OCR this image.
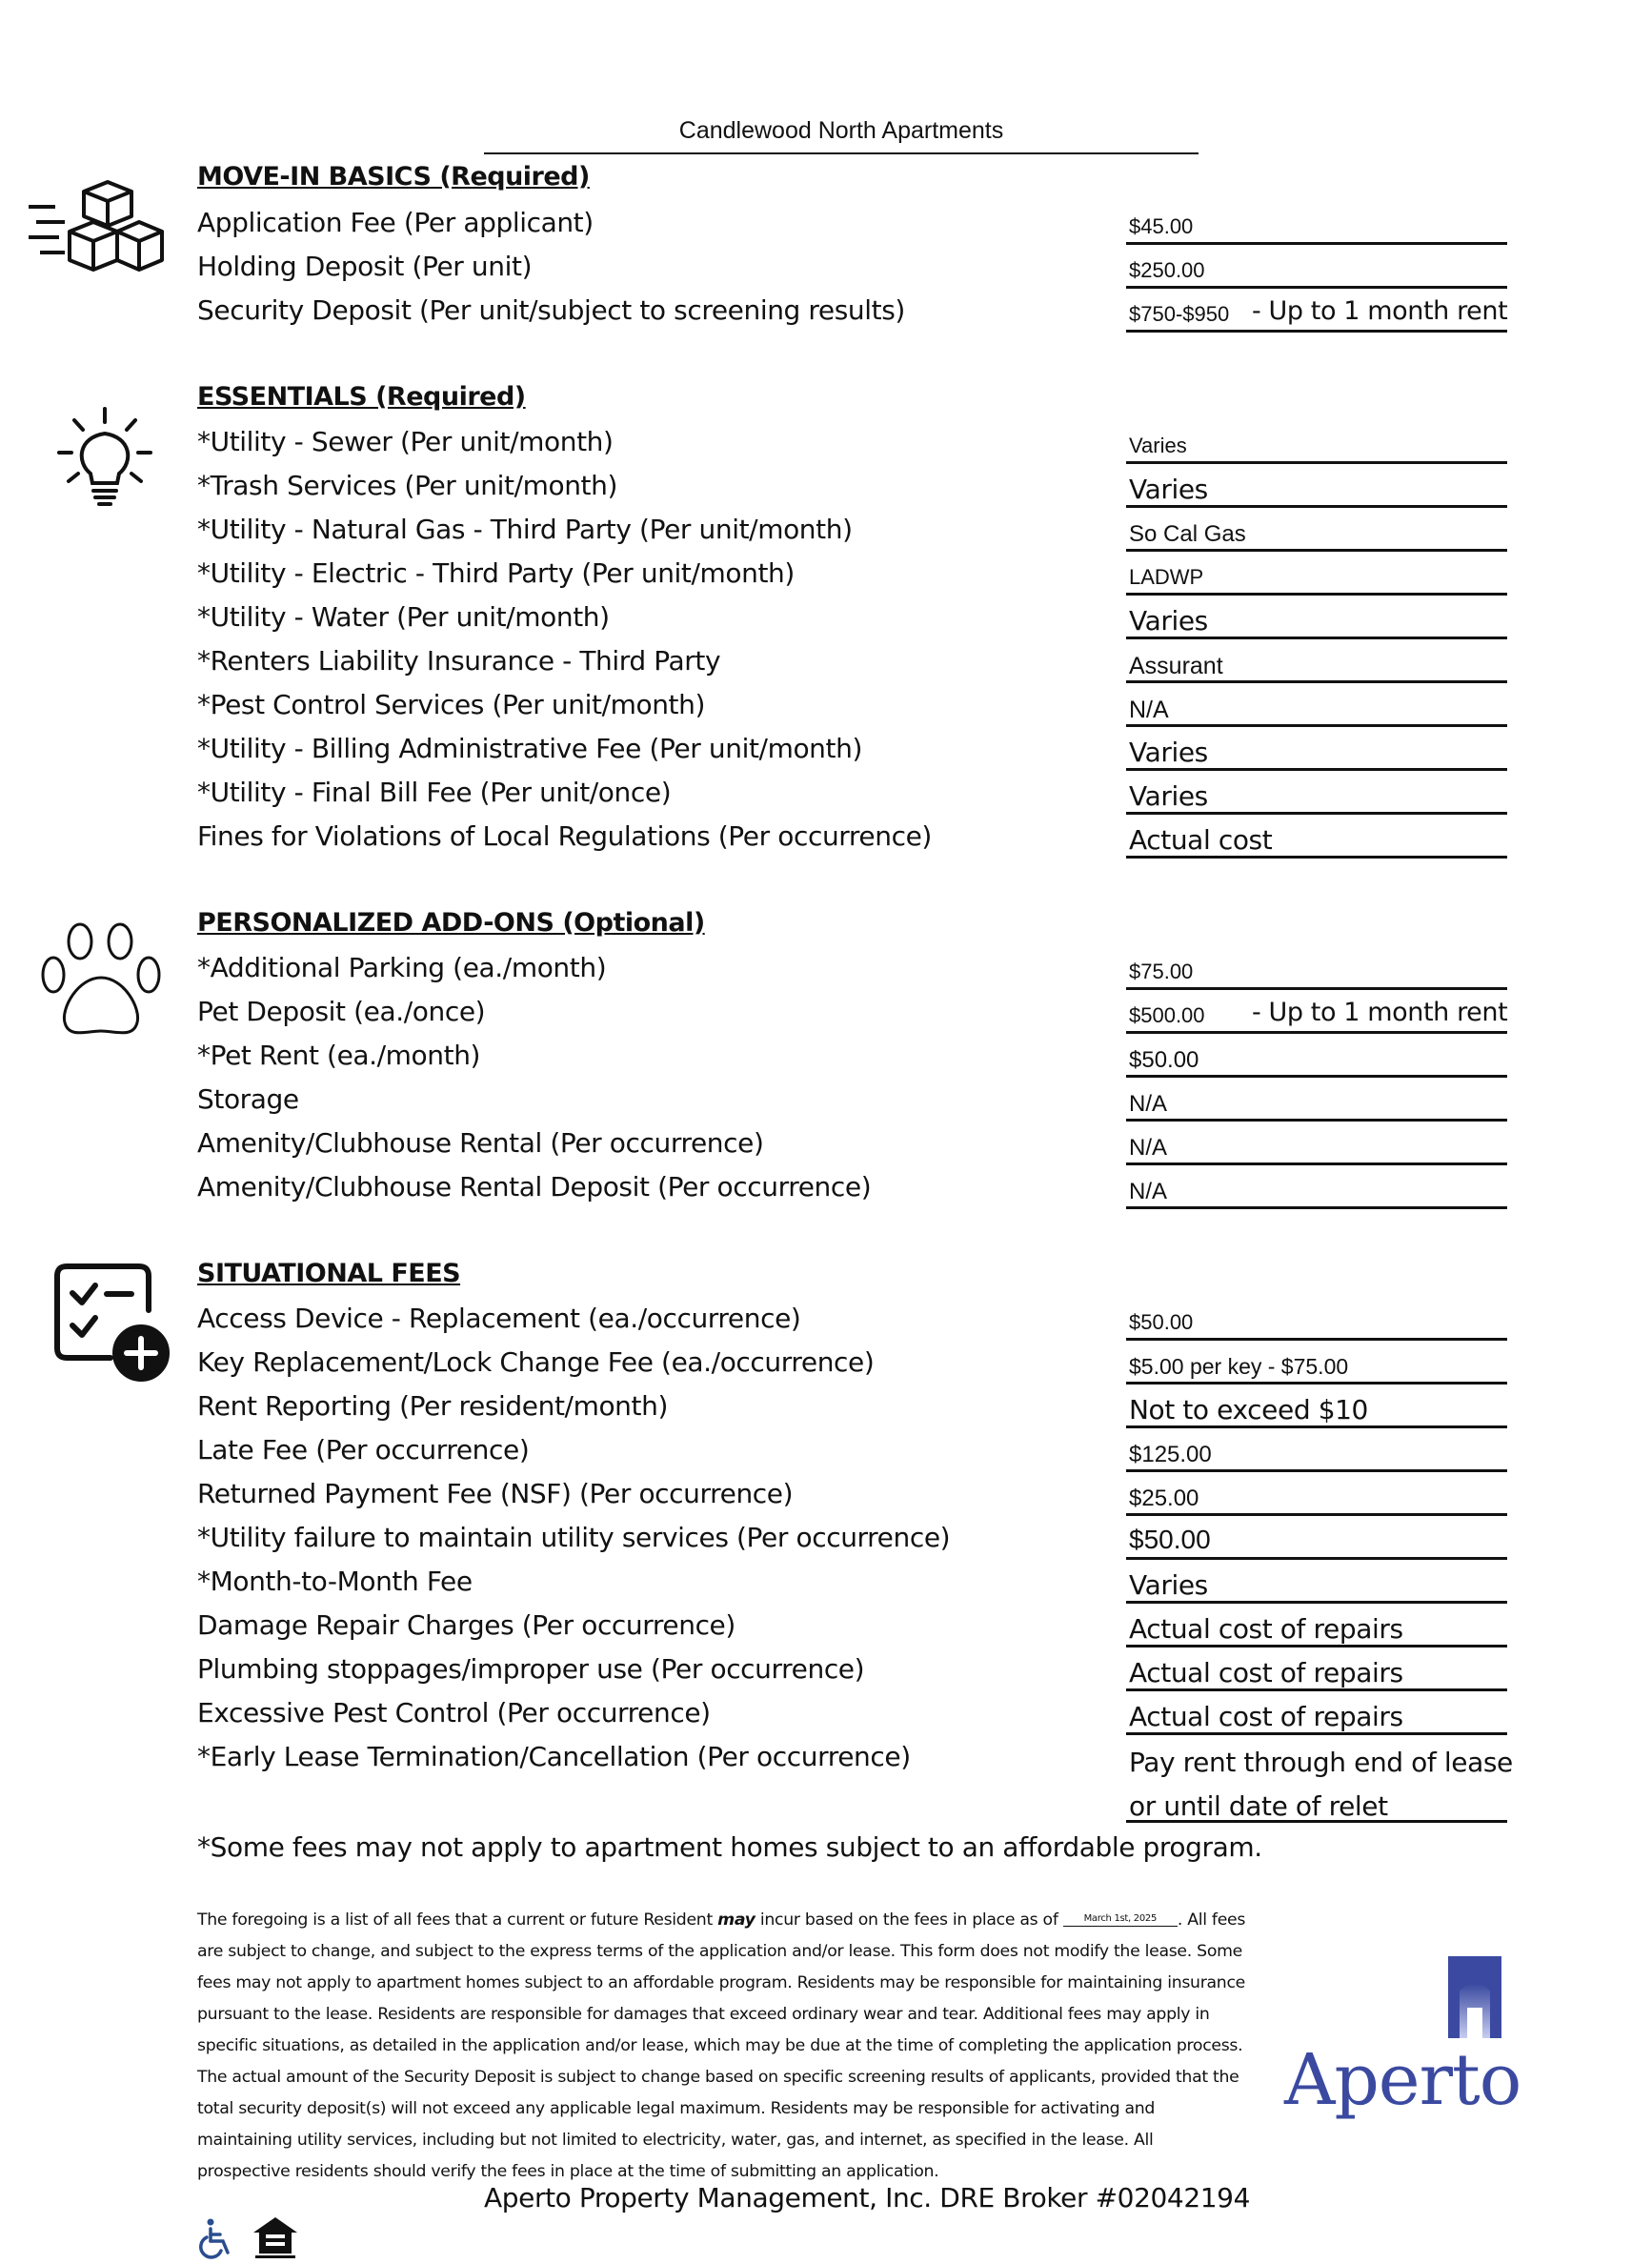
Candlewood North Apartments
MOVE-IN BASICS (Required)
Application Fee (Per applicant)	$45.00
Holding Deposit (Per unit)	$250.00
Security Deposit (Per unit/subject to screening results)	$750-$950 - Up to 1 month rent
ESSENTIALS (Required)
*Utility - Sewer (Per unit/month)	Varies
*Trash Services (Per unit/month)	Varies
*Utility - Natural Gas - Third Party (Per unit/month)	So Cal Gas
*Utility - Electric - Third Party (Per unit/month)	LADWP
*Utility - Water (Per unit/month)	Varies
*Renters Liability Insurance - Third Party	Assurant
*Pest Control Services (Per unit/month)	N/A
*Utility - Billing Administrative Fee (Per unit/month)	Varies
*Utility - Final Bill Fee (Per unit/once)	Varies
Fines for Violations of Local Regulations (Per occurrence)	Actual cost
PERSONALIZED ADD-ONS (Optional)
*Additional Parking (ea./month)	$75.00
Pet Deposit (ea./once)	$500.00 - Up to 1 month rent
*Pet Rent (ea./month)	$50.00
Storage	N/A
Amenity/Clubhouse Rental (Per occurrence)	N/A
Amenity/Clubhouse Rental Deposit (Per occurrence)	N/A
SITUATIONAL FEES
Access Device - Replacement (ea./occurrence)	$50.00
Key Replacement/Lock Change Fee (ea./occurrence)	$5.00 per key - $75.00
Rent Reporting (Per resident/month)	Not to exceed $10
Late Fee (Per occurrence)	$125.00
Returned Payment Fee (NSF) (Per occurrence)	$25.00
*Utility failure to maintain utility services (Per occurrence)	$50.00
*Month-to-Month Fee	Varies
Damage Repair Charges (Per occurrence)	Actual cost of repairs
Plumbing stoppages/improper use (Per occurrence)	Actual cost of repairs
Excessive Pest Control (Per occurrence)	Actual cost of repairs
*Early Lease Termination/Cancellation (Per occurrence)	Pay rent through end of lease
or until date of relet
*Some fees may not apply to apartment homes subject to an affordable program.
The foregoing is a list of all fees that a current or future Resident may incur based on the fees in place as of	March 1st, 2025 . All fees are subject to change, and subject to the express terms of the application and/or lease. This form does not modify the lease. Some fees may not apply to apartment homes subject to an affordable program. Residents may be responsible for maintaining insurance pursuant to the lease. Residents are responsible for damages that exceed ordinary wear and tear. Additional fees may apply in specific situations, as detailed in the application and/or lease, which may be due at the time of completing the application process. The actual amount of the Security Deposit is subject to change based on specific screening results of applicants, provided that the total security deposit(s) will not exceed any applicable legal maximum. Residents may be responsible for activating and maintaining utility services, including but not limited to electricity, water, gas, and internet, as specified in the lease. All prospective residents should verify the fees in place at the time of submitting an application.
Aperto
Aperto Property Management, Inc. DRE Broker #02042194
